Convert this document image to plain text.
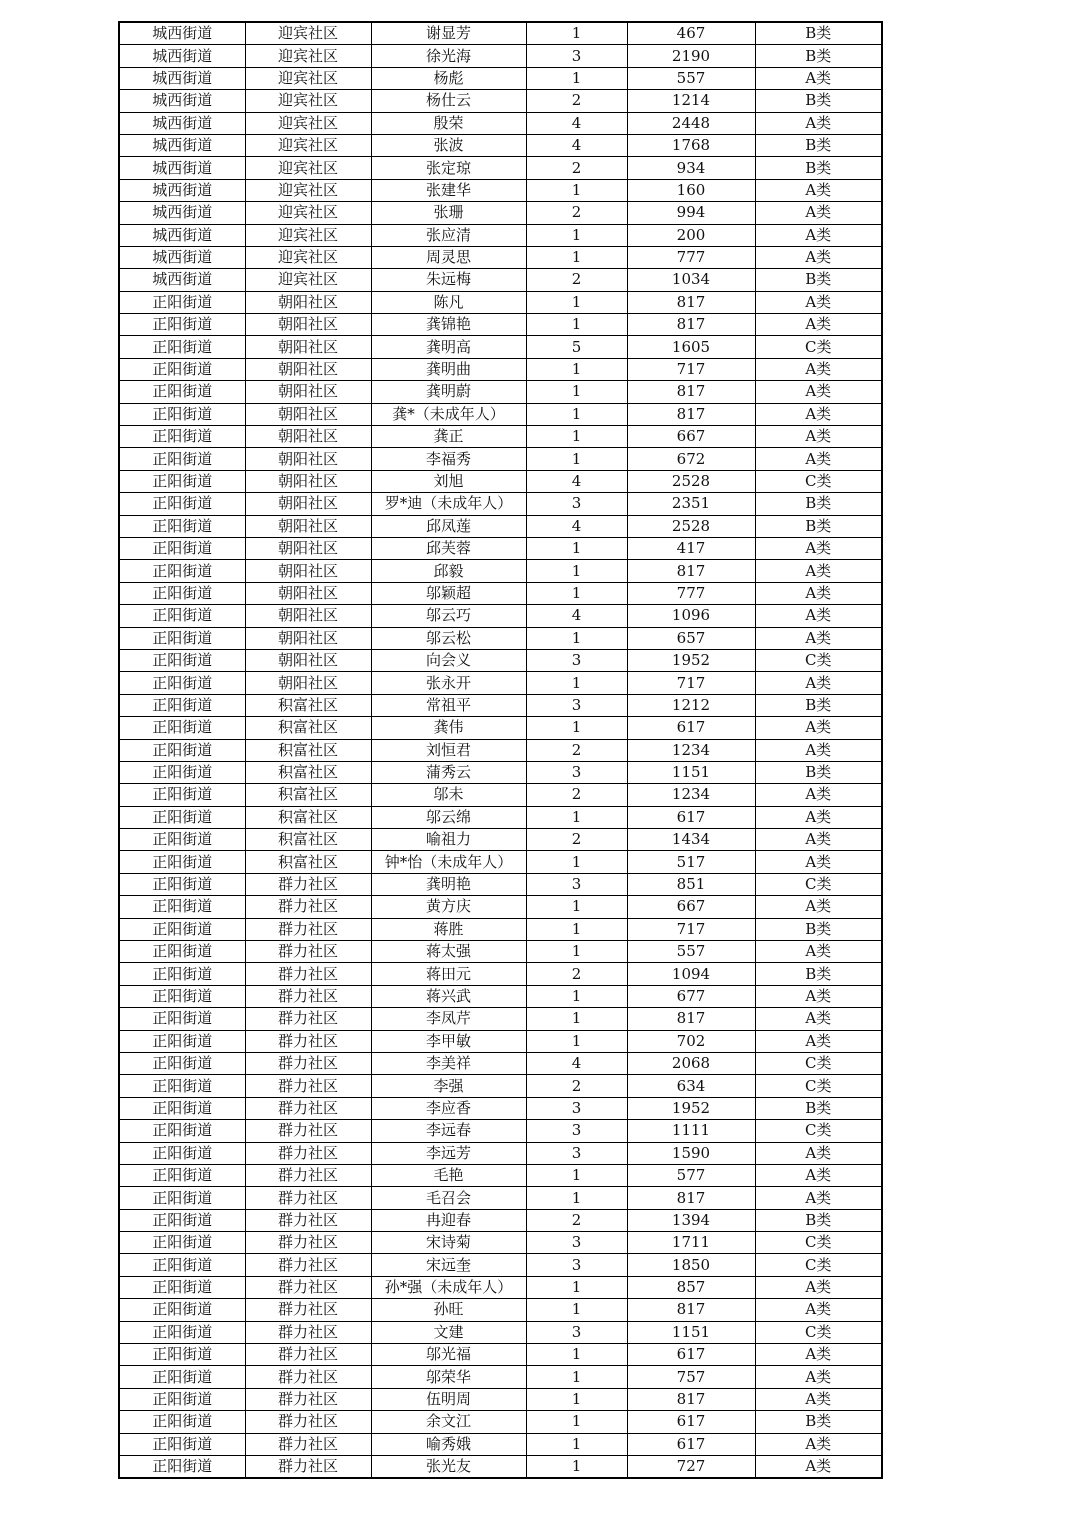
城西街道	迎宾社区	谢显芳	1	467	B类
城西街道	迎宾社区	徐光海	3	2190	B类
城西街道	迎宾社区	杨彪	1	557	A类
城西街道	迎宾社区	杨仕云	2	1214	B类
城西街道	迎宾社区	殷荣	4	2448	A类
城西街道	迎宾社区	张波	4	1768	B类
城西街道	迎宾社区	张定琼	2	934	B类
城西街道	迎宾社区	张建华	1	160	A类
城西街道	迎宾社区	张珊	2	994	A类
城西街道	迎宾社区	张应清	1	200	A类
城西街道	迎宾社区	周灵思	1	777	A类
城西街道	迎宾社区	朱远梅	2	1034	B类
正阳街道	朝阳社区	陈凡	1	817	A类
正阳街道	朝阳社区	龚锦艳	1	817	A类
正阳街道	朝阳社区	龚明高	5	1605	C类
正阳街道	朝阳社区	龚明曲	1	717	A类
正阳街道	朝阳社区	龚明蔚	1	817	A类
正阳街道	朝阳社区	龚*（未成年人）	1	817	A类
正阳街道	朝阳社区	龚正	1	667	A类
正阳街道	朝阳社区	李福秀	1	672	A类
正阳街道	朝阳社区	刘旭	4	2528	C类
正阳街道	朝阳社区	罗*迪（未成年人）	3	2351	B类
正阳街道	朝阳社区	邱凤莲	4	2528	B类
正阳街道	朝阳社区	邱芙蓉	1	417	A类
正阳街道	朝阳社区	邱毅	1	817	A类
正阳街道	朝阳社区	邬颖超	1	777	A类
正阳街道	朝阳社区	邬云巧	4	1096	A类
正阳街道	朝阳社区	邬云松	1	657	A类
正阳街道	朝阳社区	向会义	3	1952	C类
正阳街道	朝阳社区	张永开	1	717	A类
正阳街道	积富社区	常祖平	3	1212	B类
正阳街道	积富社区	龚伟	1	617	A类
正阳街道	积富社区	刘恒君	2	1234	A类
正阳街道	积富社区	蒲秀云	3	1151	B类
正阳街道	积富社区	邬未	2	1234	A类
正阳街道	积富社区	邬云绵	1	617	A类
正阳街道	积富社区	喻祖力	2	1434	A类
正阳街道	积富社区	钟*怡（未成年人）	1	517	A类
正阳街道	群力社区	龚明艳	3	851	C类
正阳街道	群力社区	黄方庆	1	667	A类
正阳街道	群力社区	蒋胜	1	717	B类
正阳街道	群力社区	蒋太强	1	557	A类
正阳街道	群力社区	蒋田元	2	1094	B类
正阳街道	群力社区	蒋兴武	1	677	A类
正阳街道	群力社区	李凤芹	1	817	A类
正阳街道	群力社区	李甲敏	1	702	A类
正阳街道	群力社区	李美祥	4	2068	C类
正阳街道	群力社区	李强	2	634	C类
正阳街道	群力社区	李应香	3	1952	B类
正阳街道	群力社区	李远春	3	1111	C类
正阳街道	群力社区	李远芳	3	1590	A类
正阳街道	群力社区	毛艳	1	577	A类
正阳街道	群力社区	毛召会	1	817	A类
正阳街道	群力社区	冉迎春	2	1394	B类
正阳街道	群力社区	宋诗菊	3	1711	C类
正阳街道	群力社区	宋远奎	3	1850	C类
正阳街道	群力社区	孙*强（未成年人）	1	857	A类
正阳街道	群力社区	孙旺	1	817	A类
正阳街道	群力社区	文建	3	1151	C类
正阳街道	群力社区	邬光福	1	617	A类
正阳街道	群力社区	邬荣华	1	757	A类
正阳街道	群力社区	伍明周	1	817	A类
正阳街道	群力社区	余文江	1	617	B类
正阳街道	群力社区	喻秀娥	1	617	A类
正阳街道	群力社区	张光友	1	727	A类
